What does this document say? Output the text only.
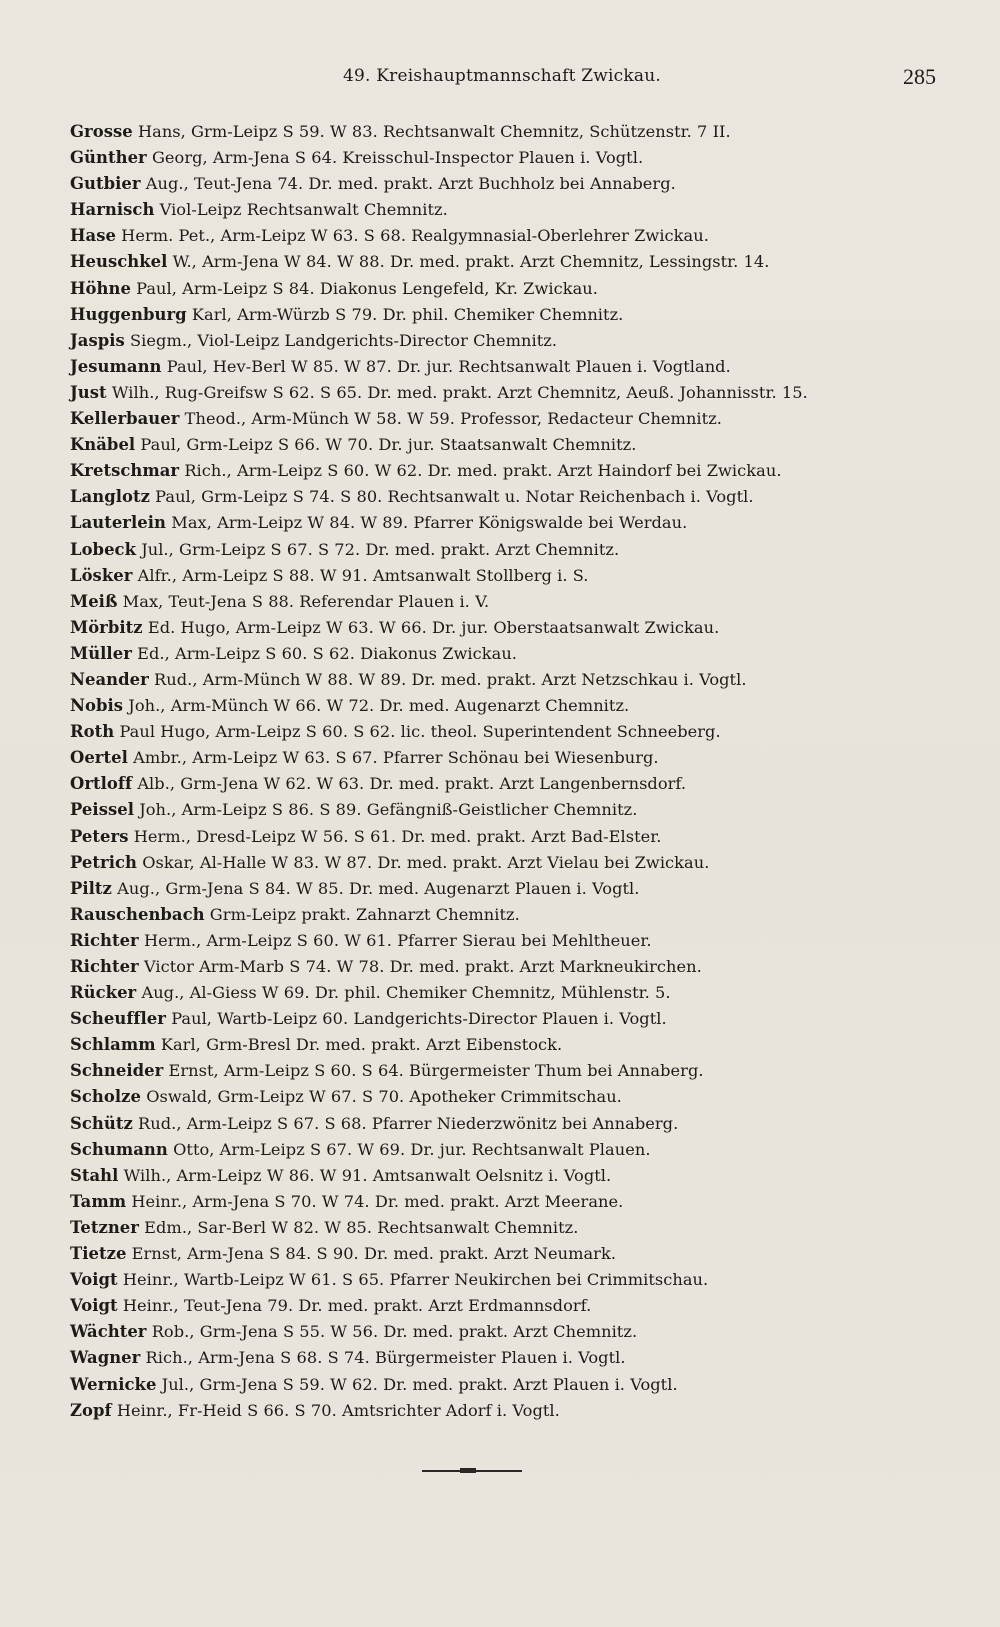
49. Kreishauptmannschaft Zwickau.	285
Grosse Hans, Grm-Leipz S 59. W 83. Rechtsanwalt Chemnitz, Schützenstr. 7 II.
Günther Georg, Arm-Jena S 64. Kreisschul-Inspector Plauen i. Vogtl.
Gutbier Aug., Teut-Jena 74. Dr. med. prakt. Arzt Buchholz bei Annaberg.
Harnisch Viol-Leipz Rechtsanwalt Chemnitz.
Hase Herm. Pet., Arm-Leipz W 63. S 68. Realgymnasial-Oberlehrer Zwickau.
Heuschkel W., Arm-Jena W 84. W 88. Dr. med. prakt. Arzt Chemnitz, Lessingstr. 14.
Höhne Paul, Arm-Leipz S 84. Diakonus Lengefeld, Kr. Zwickau.
Huggenburg Karl, Arm-Würzb S 79. Dr. phil. Chemiker Chemnitz.
Jaspis Siegm., Viol-Leipz Landgerichts-Director Chemnitz.
Jesumann Paul, Hev-Berl W 85. W 87. Dr. jur. Rechtsanwalt Plauen i. Vogtland.
Just Wilh., Rug-Greifsw S 62. S 65. Dr. med. prakt. Arzt Chemnitz, Aeuß. Johannisstr. 15.
Kellerbauer Theod., Arm-Münch W 58. W 59. Professor, Redacteur Chemnitz.
Knäbel Paul, Grm-Leipz S 66. W 70. Dr. jur. Staatsanwalt Chemnitz.
Kretschmar Rich., Arm-Leipz S 60. W 62. Dr. med. prakt. Arzt Haindorf bei Zwickau.
Langlotz Paul, Grm-Leipz S 74. S 80. Rechtsanwalt u. Notar Reichenbach i. Vogtl.
Lauterlein Max, Arm-Leipz W 84. W 89. Pfarrer Königswalde bei Werdau.
Lobeck Jul., Grm-Leipz S 67. S 72. Dr. med. prakt. Arzt Chemnitz.
Lösker Alfr., Arm-Leipz S 88. W 91. Amtsanwalt Stollberg i. S.
Meiß Max, Teut-Jena S 88. Referendar Plauen i. V.
Mörbitz Ed. Hugo, Arm-Leipz W 63. W 66. Dr. jur. Oberstaatsanwalt Zwickau.
Müller Ed., Arm-Leipz S 60. S 62. Diakonus Zwickau.
Neander Rud., Arm-Münch W 88. W 89. Dr. med. prakt. Arzt Netzschkau i. Vogtl.
Nobis Joh., Arm-Münch W 66. W 72. Dr. med. Augenarzt Chemnitz.
Roth Paul Hugo, Arm-Leipz S 60. S 62. lic. theol. Superintendent Schneeberg.
Oertel Ambr., Arm-Leipz W 63. S 67. Pfarrer Schönau bei Wiesenburg.
Ortloff Alb., Grm-Jena W 62. W 63. Dr. med. prakt. Arzt Langenbernsdorf.
Peissel Joh., Arm-Leipz S 86. S 89. Gefängniß-Geistlicher Chemnitz.
Peters Herm., Dresd-Leipz W 56. S 61. Dr. med. prakt. Arzt Bad-Elster.
Petrich Oskar, Al-Halle W 83. W 87. Dr. med. prakt. Arzt Vielau bei Zwickau.
Piltz Aug., Grm-Jena S 84. W 85. Dr. med. Augenarzt Plauen i. Vogtl.
Rauschenbach Grm-Leipz prakt. Zahnarzt Chemnitz.
Richter Herm., Arm-Leipz S 60. W 61. Pfarrer Sierau bei Mehltheuer.
Richter Victor Arm-Marb S 74. W 78. Dr. med. prakt. Arzt Markneukirchen.
Rücker Aug., Al-Giess W 69. Dr. phil. Chemiker Chemnitz, Mühlenstr. 5.
Scheuffler Paul, Wartb-Leipz 60. Landgerichts-Director Plauen i. Vogtl.
Schlamm Karl, Grm-Bresl Dr. med. prakt. Arzt Eibenstock.
Schneider Ernst, Arm-Leipz S 60. S 64. Bürgermeister Thum bei Annaberg.
Scholze Oswald, Grm-Leipz W 67. S 70. Apotheker Crimmitschau.
Schütz Rud., Arm-Leipz S 67. S 68. Pfarrer Niederzwönitz bei Annaberg.
Schumann Otto, Arm-Leipz S 67. W 69. Dr. jur. Rechtsanwalt Plauen.
Stahl Wilh., Arm-Leipz W 86. W 91. Amtsanwalt Oelsnitz i. Vogtl.
Tamm Heinr., Arm-Jena S 70. W 74. Dr. med. prakt. Arzt Meerane.
Tetzner Edm., Sar-Berl W 82. W 85. Rechtsanwalt Chemnitz.
Tietze Ernst, Arm-Jena S 84. S 90. Dr. med. prakt. Arzt Neumark.
Voigt Heinr., Wartb-Leipz W 61. S 65. Pfarrer Neukirchen bei Crimmitschau.
Voigt Heinr., Teut-Jena 79. Dr. med. prakt. Arzt Erdmannsdorf.
Wächter Rob., Grm-Jena S 55. W 56. Dr. med. prakt. Arzt Chemnitz.
Wagner Rich., Arm-Jena S 68. S 74. Bürgermeister Plauen i. Vogtl.
Wernicke Jul., Grm-Jena S 59. W 62. Dr. med. prakt. Arzt Plauen i. Vogtl.
Zopf Heinr., Fr-Heid S 66. S 70. Amtsrichter Adorf i. Vogtl.
